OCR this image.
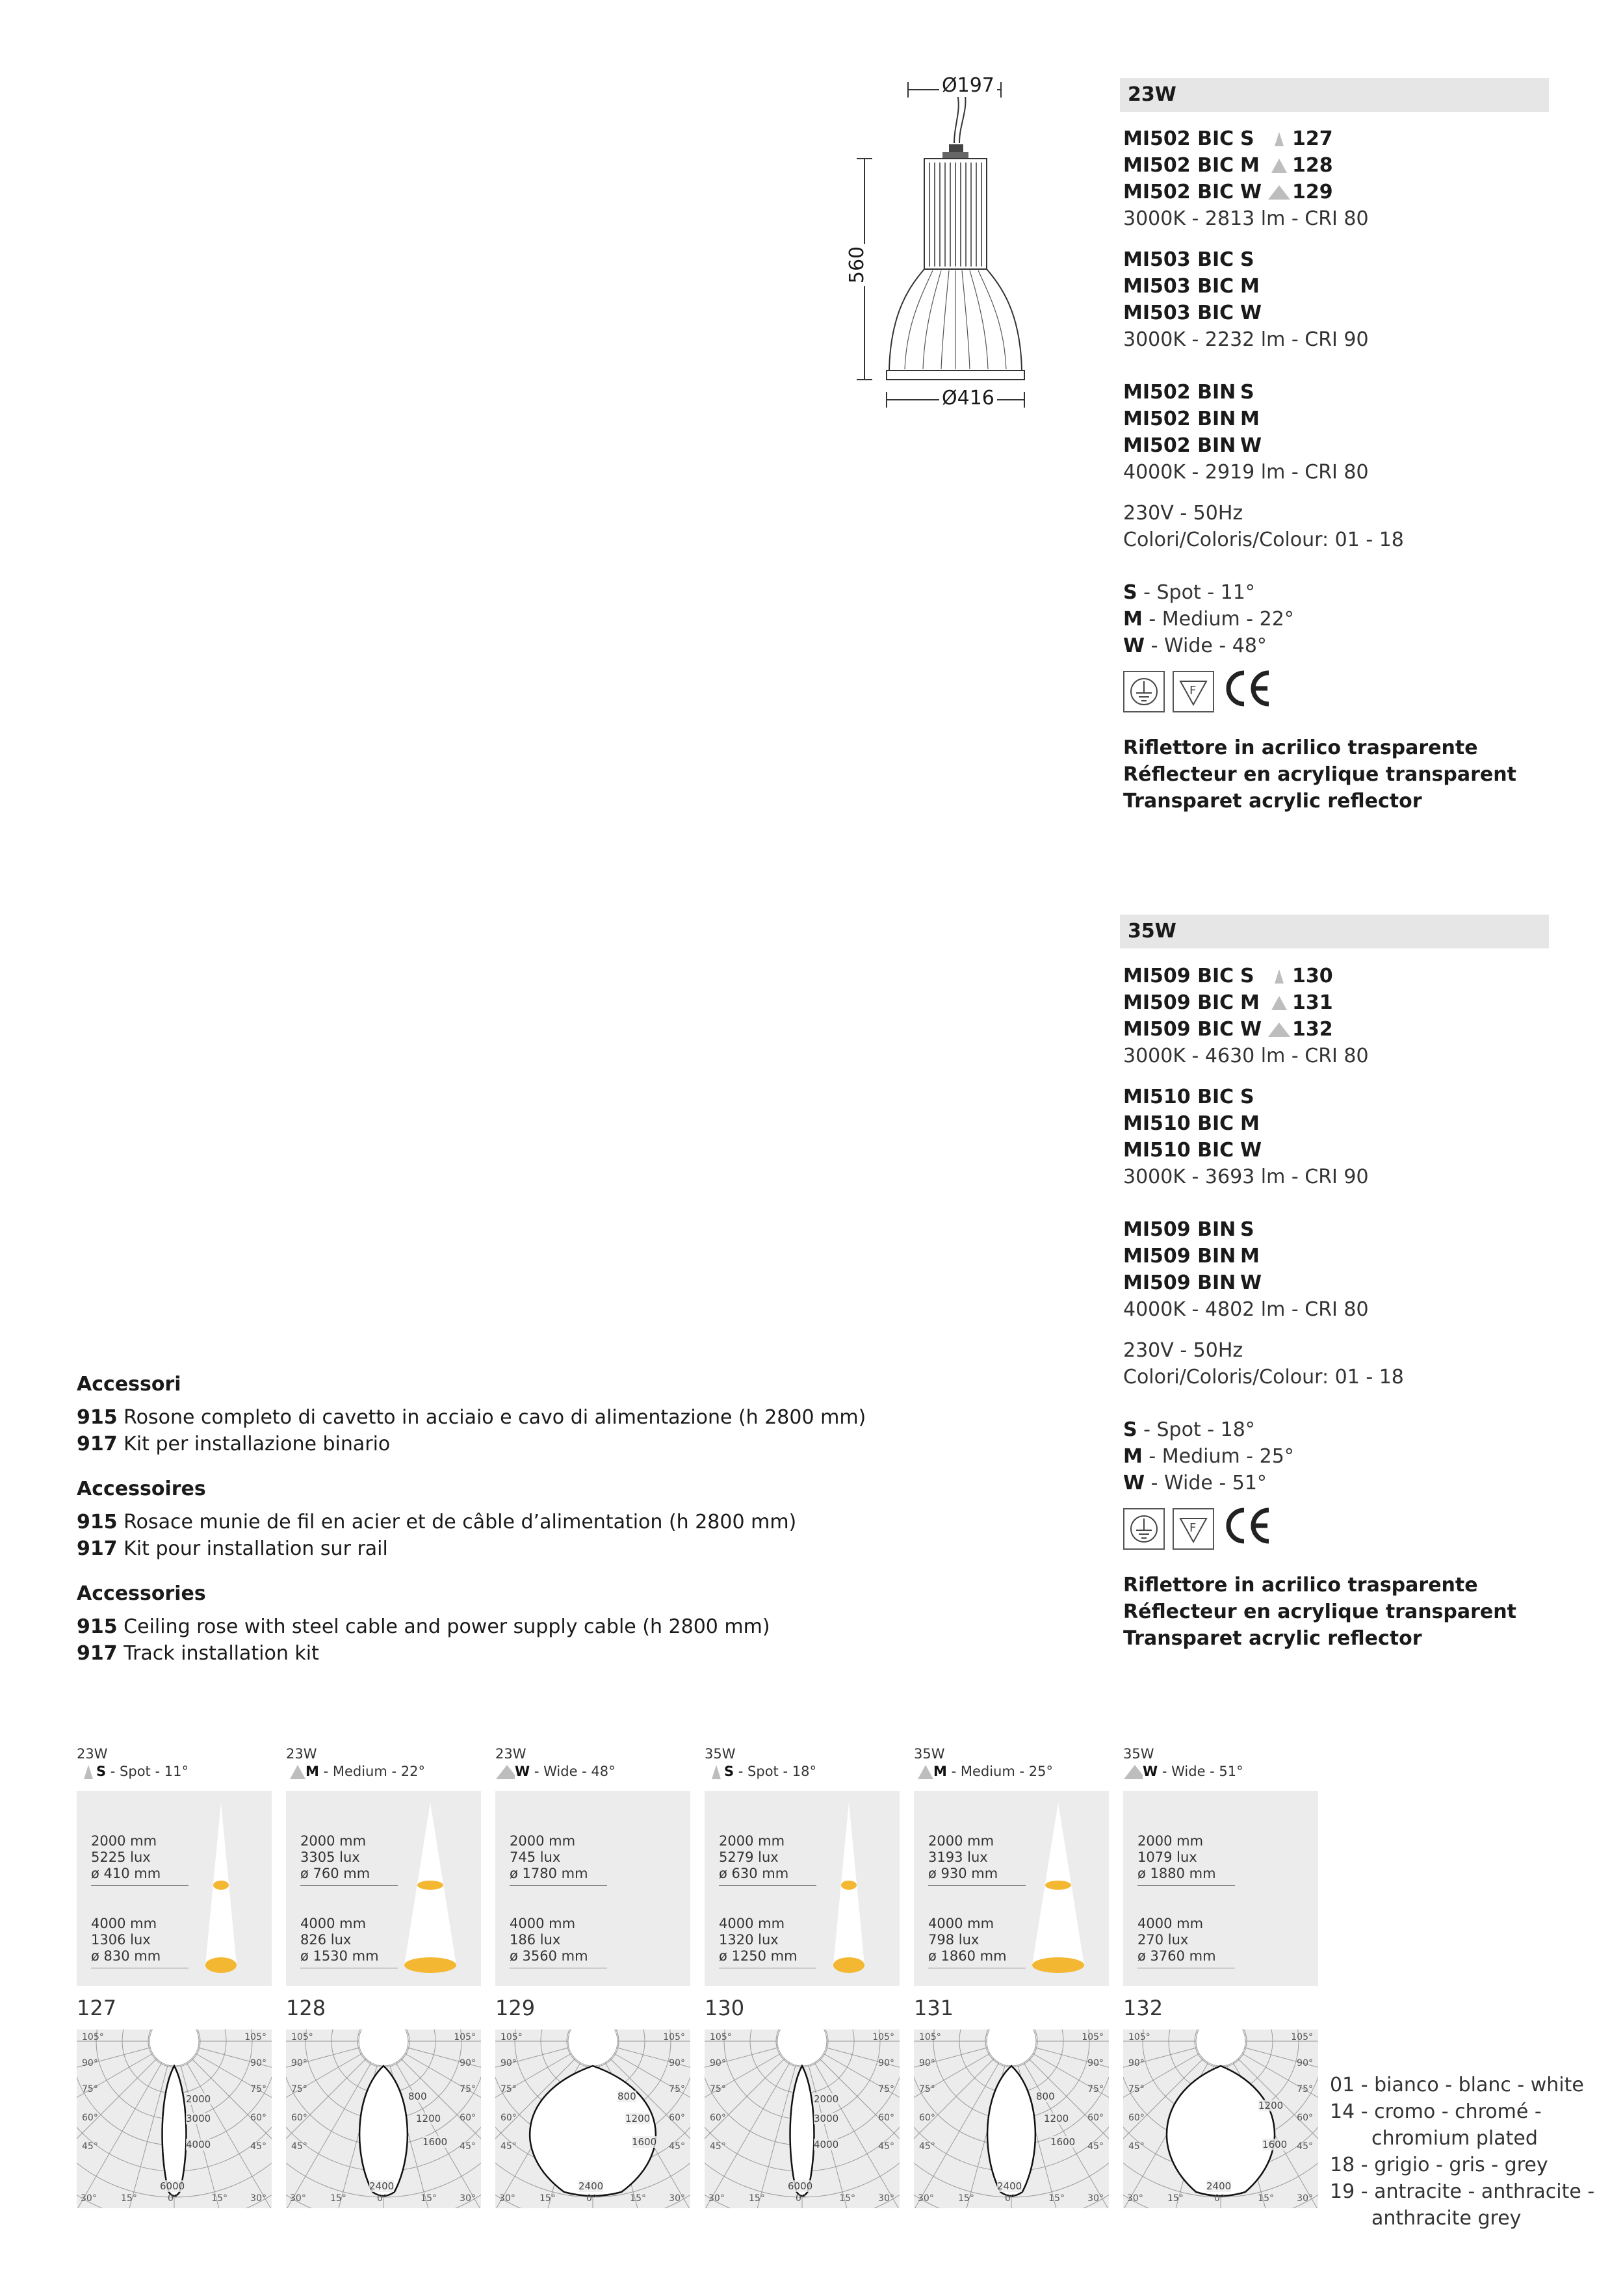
Ø197
560
Ø416
23W
MI502 BIC S	127
MI502 BIC M	128
MI502 BIC W 129
3000K - 2813 lm - CRI 80
MI503 BIC S
MI503 BIC M
MI503 BIC W
3000K - 2232 lm - CRI 90
MI502 BIN S
MI502 BIN M
MI502 BIN W
4000K - 2919 lm - CRI 80
230V - 50Hz
Colori/Coloris/Colour: 01 - 18
S - Spot - 11°
M - Medium - 22°
W - Wide - 48°
F
Riflettore in acrilico trasparente
Réflecteur en acrylique transparent
Transparet acrylic reflector
35W
MI509 BIC S	130
MI509 BIC M	131
MI509 BIC W 132
3000K - 4630 lm - CRI 80
MI510 BIC S
MI510 BIC M
MI510 BIC W
3000K - 3693 lm - CRI 90
MI509 BIN S
MI509 BIN M
MI509 BIN W
4000K - 4802 lm - CRI 80
230V - 50Hz
Colori/Coloris/Colour: 01 - 18
S - Spot - 18°
M - Medium - 25°
W - Wide - 51°
F
Riflettore in acrilico trasparente
Réflecteur en acrylique transparent
Transparet acrylic reflector
Accessori

915 Rosone completo di cavetto in acciaio e cavo di alimentazione (h 2800 mm)

917 Kit per installazione binario

Accessoires

915 Rosace munie de fil en acier et de câble d’alimentation (h 2800 mm)

917 Kit pour installation sur rail

Accessories

915 Ceiling rose with steel cable and power supply cable (h 2800 mm)

917 Track installation kit

23W
S - Spot - 11°
2000 mm
5225 lux
ø 410 mm
4000 mm
1306 lux
ø 830 mm
127
105°
90°
75°
60°
45°
30°	15°	0°
105°
90°
75°
60°
45°
30°
15°
2000
3000
4000
6000
23W
M - Medium - 22°
2000 mm
3305 lux
ø 760 mm
4000 mm
826 lux
ø 1530 mm
128
105°
90°
75°
60°
45°
30°	15°	0°
105°
90°
75°
60°
45°
30°
15°
800
1200
1600
2400
23W
W - Wide - 48°
2000 mm
745 lux
ø 1780 mm
4000 mm
186 lux
ø 3560 mm
129
105°
90°
75°
60°
45°
30°	15°	0°
105°
90°
75°
60°
45°
30°
15°
800
1200
1600
2400
35W
S - Spot - 18°
2000 mm
5279 lux
ø 630 mm
4000 mm
1320 lux
ø 1250 mm
130
105°
90°
75°
60°
45°
30°	15°	0°
105°
90°
75°
60°
45°
30°
15°
2000
3000
4000
6000
35W
M - Medium - 25°
2000 mm
3193 lux
ø 930 mm
4000 mm
798 lux
ø 1860 mm
131
105°
90°
75°
60°
45°
30°	15°	0°
105°
90°
75°
60°
45°
30°
15°
800
1200
1600
2400
35W
W - Wide - 51°
2000 mm
1079 lux
ø 1880 mm
4000 mm
270 lux
ø 3760 mm
132
105°
90°
75°
60°
45°
30°	15°	0°
105°
90°
75°
60°
45°
30°
15°
1200
1600
2400
01 - bianco - blanc - white
14 - cromo - chromé -
chromium plated
18 - grigio - gris - grey
19 - antracite - anthracite -
anthracite grey
